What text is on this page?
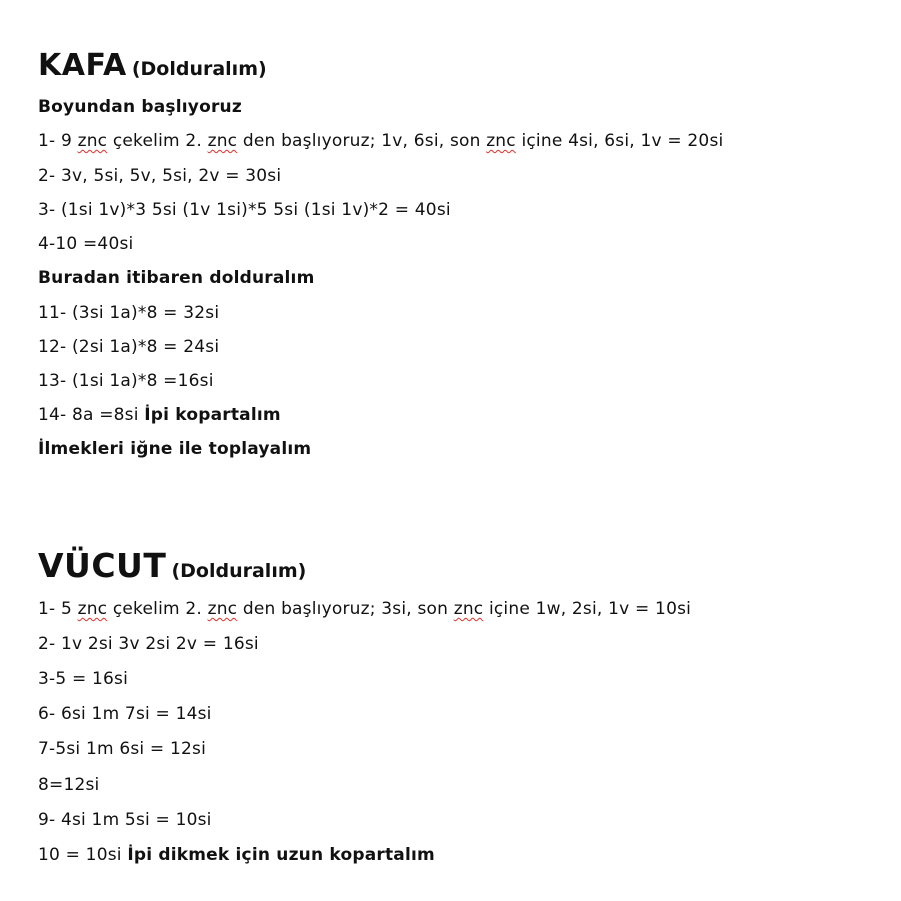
KAFA (Dolduralım)
Boyundan başlıyoruz
1- 9 znc çekelim 2. znc den başlıyoruz; 1v, 6si, son znc içine 4si, 6si, 1v = 20si
2- 3v, 5si, 5v, 5si, 2v = 30si
3- (1si 1v)*3 5si (1v 1si)*5 5si (1si 1v)*2 = 40si
4-10 =40si
Buradan itibaren dolduralım
11- (3si 1a)*8 = 32si
12- (2si 1a)*8 = 24si
13- (1si 1a)*8 =16si
14- 8a =8si İpi kopartalım
İlmekleri iğne ile toplayalım
VÜCUT (Dolduralım)
1- 5 znc çekelim 2. znc den başlıyoruz; 3si, son znc içine 1w, 2si, 1v = 10si
2- 1v 2si 3v 2si 2v = 16si
3-5 = 16si
6- 6si 1m 7si = 14si
7-5si 1m 6si = 12si
8=12si
9- 4si 1m 5si = 10si
10 = 10si İpi dikmek için uzun kopartalım
